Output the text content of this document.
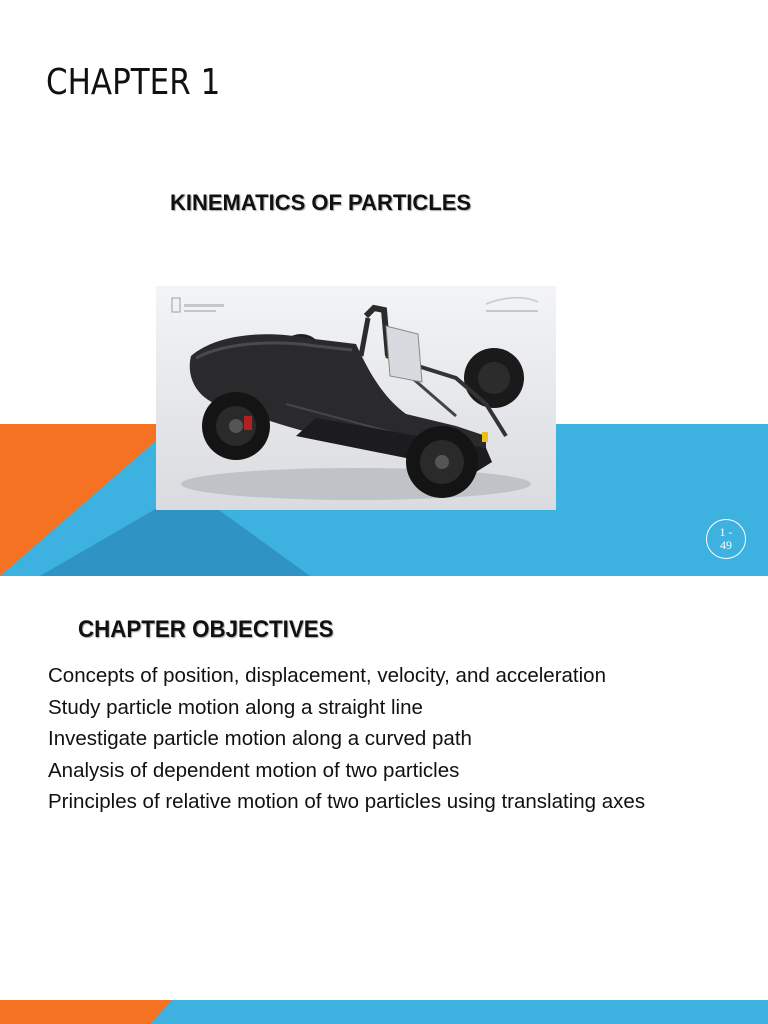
CHAPTER 1
KINEMATICS OF PARTICLES
1 -
49
CHAPTER OBJECTIVES
Concepts of position, displacement, velocity, and acceleration
Study particle motion along a straight line
Investigate particle motion along a curved path
Analysis of dependent motion of two particles
Principles of relative motion of two particles using translating axes
